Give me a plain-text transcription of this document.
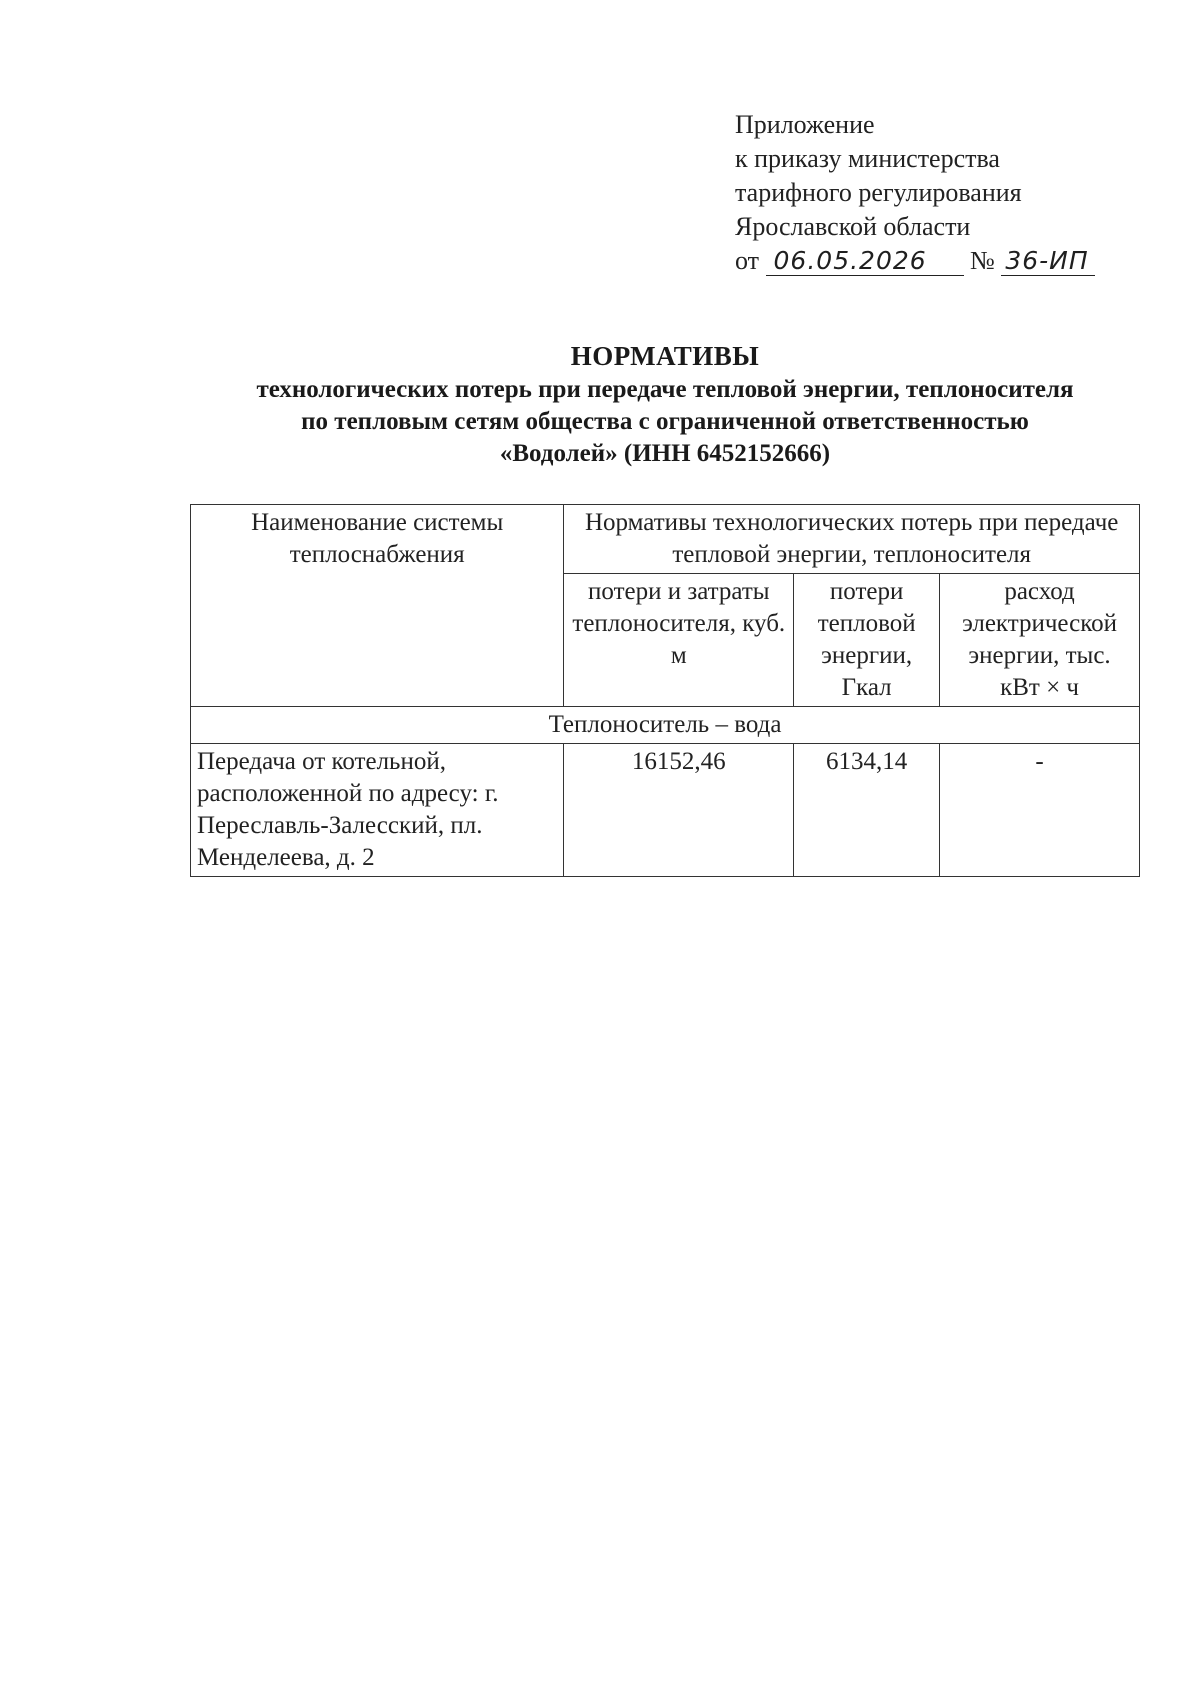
Приложение
к приказу министерства
тарифного регулирования
Ярославской области
от 06.05.2026 № 36-ИП
НОРМАТИВЫ
технологических потерь при передаче тепловой энергии, теплоносителя
по тепловым сетям общества с ограниченной ответственностью
«Водолей» (ИНН 6452152666)
Наименование системы теплоснабжения	Нормативы технологических потерь при передаче тепловой энергии, теплоносителя		
	потери и затраты теплоносителя, куб. м	потери тепловой энергии, Гкал	расход электрической энергии, тыс. кВт × ч
Теплоноситель – вода			
Передача от котельной, расположенной по адресу: г. Переславль-Залесский, пл. Менделеева, д. 2	16152,46	6134,14	-
